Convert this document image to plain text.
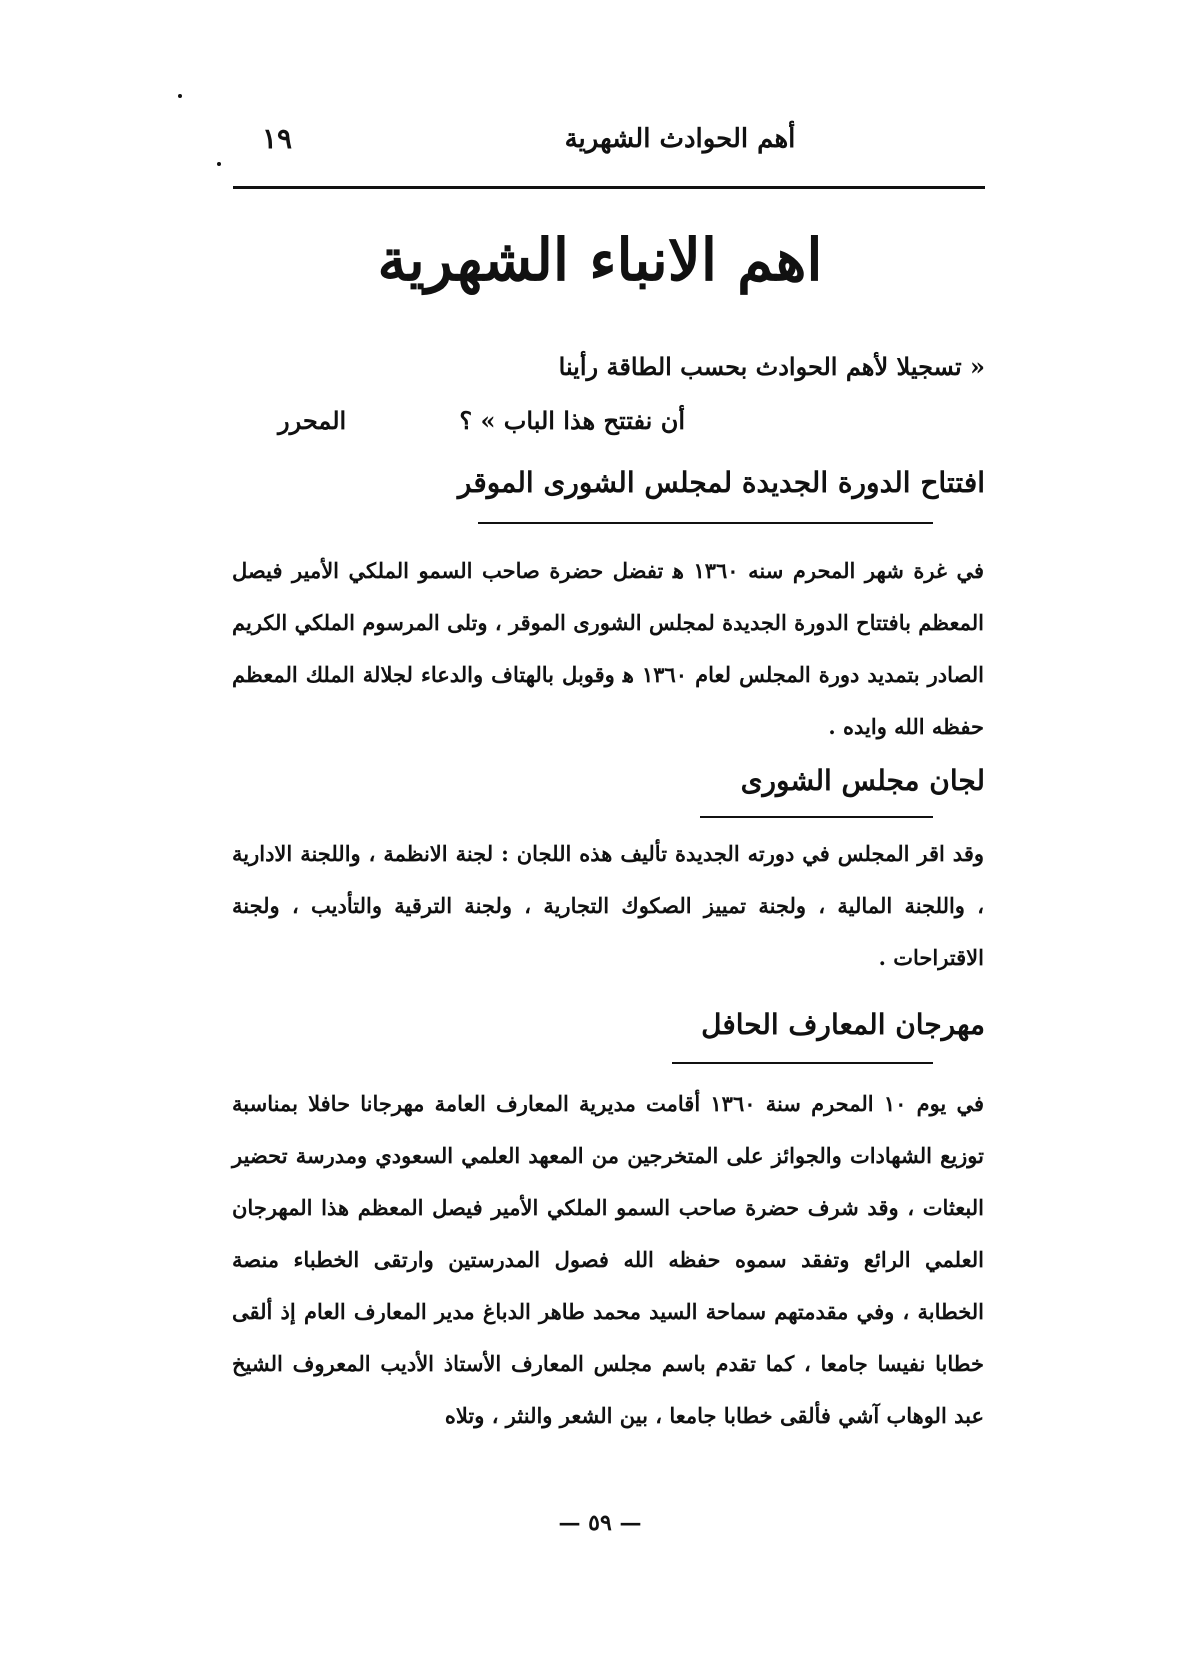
أهم الحوادث الشهرية
١٩
اهم الانباء الشهرية
« تسجيلا لأهم الحوادث بحسب الطاقة رأينا
أن نفتتح هذا الباب » ؟
المحرر
افتتاح الدورة الجديدة لمجلس الشورى الموقر
في غرة شهر المحرم سنه ١٣٦٠ ﻫ تفضل حضرة صاحب السمو الملكي الأمير فيصل المعظم بافتتاح الدورة الجديدة لمجلس الشورى الموقر ، وتلى المرسوم الملكي الكريم الصادر بتمديد دورة المجلس لعام ١٣٦٠ ﻫ وقوبل بالهتاف والدعاء لجلالة الملك المعظم حفظه الله وايده .
لجان مجلس الشورى
وقد اقر المجلس في دورته الجديدة تأليف هذه اللجان : لجنة الانظمة ، واللجنة الادارية ، واللجنة المالية ، ولجنة تمييز الصكوك التجارية ، ولجنة الترقية والتأديب ، ولجنة الاقتراحات .
مهرجان المعارف الحافل
في يوم ١٠ المحرم سنة ١٣٦٠ أقامت مديرية المعارف العامة مهرجانا حافلا بمناسبة توزيع الشهادات والجوائز على المتخرجين من المعهد العلمي السعودي ومدرسة تحضير البعثات ، وقد شرف حضرة صاحب السمو الملكي الأمير فيصل المعظم هذا المهرجان العلمي الرائع وتفقد سموه حفظه الله فصول المدرستين وارتقى الخطباء منصة الخطابة ، وفي مقدمتهم سماحة السيد محمد طاهر الدباغ مدير المعارف العام إذ ألقى خطابا نفيسا جامعا ، كما تقدم باسم مجلس المعارف الأستاذ الأديب المعروف الشيخ عبد الوهاب آشي فألقى خطابا جامعا ، بين الشعر والنثر ، وتلاه
— ٥٩ —
